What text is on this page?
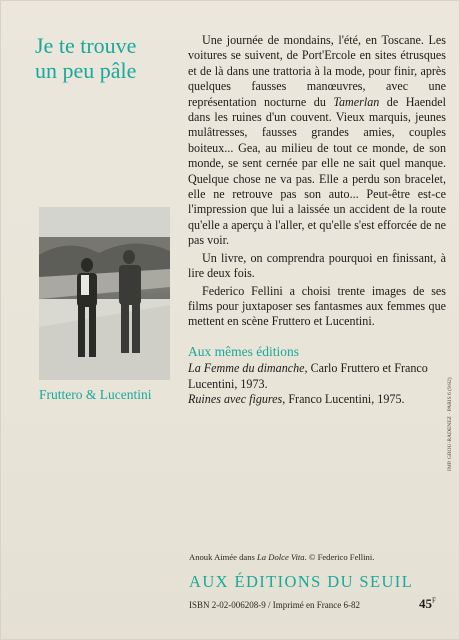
Je te trouve
un peu pâle
Fruttero & Lucentini

Une journée de mondains, l'été, en Toscane. Les voitures se suivent, de Port'Ercole en sites étrusques et de là dans une trattoria à la mode, pour finir, après quelques fausses manœuvres, avec une représentation nocturne du Tamerlan de Haendel dans les ruines d'un couvent. Vieux marquis, jeunes mulâtresses, fausses grandes amies, couples boiteux... Gea, au milieu de tout ce monde, de son monde, se sent cernée par elle ne sait quel manque. Quelque chose ne va pas. Elle a perdu son bracelet, elle ne retrouve pas son auto... Peut-être est-ce l'impression que lui a laissée un accident de la route qu'elle a aperçu à l'aller, et qu'elle s'est efforcée de ne pas voir.

Un livre, on comprendra pourquoi en finissant, à lire deux fois.

Federico Fellini a choisi trente images de ses films pour juxtaposer ses fantasmes aux femmes que mettent en scène Fruttero et Lucentini.

Aux mêmes éditions
La Femme du dimanche, Carlo Fruttero et Franco Lucentini, 1973.
Ruines avec figures, Franco Lucentini, 1975.
Anouk Aimée dans La Dolce Vita. © Federico Fellini.
AUX ÉDITIONS DU SEUIL
ISBN 2-02-006208-9 / Imprimé en France 6-82	$45^F$
IMP. GROU-RADENEZ · PARIS 6 (9/82)
